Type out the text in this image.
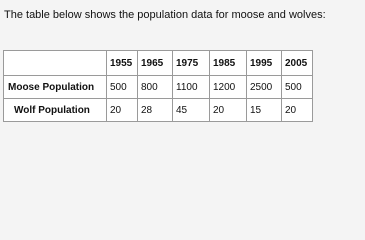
The table below shows the population data for moose and wolves:
	1955	1965	1975	1985	1995	2005
Moose Population	500	800	1100	1200	2500	500
Wolf Population	20	28	45	20	15	20
